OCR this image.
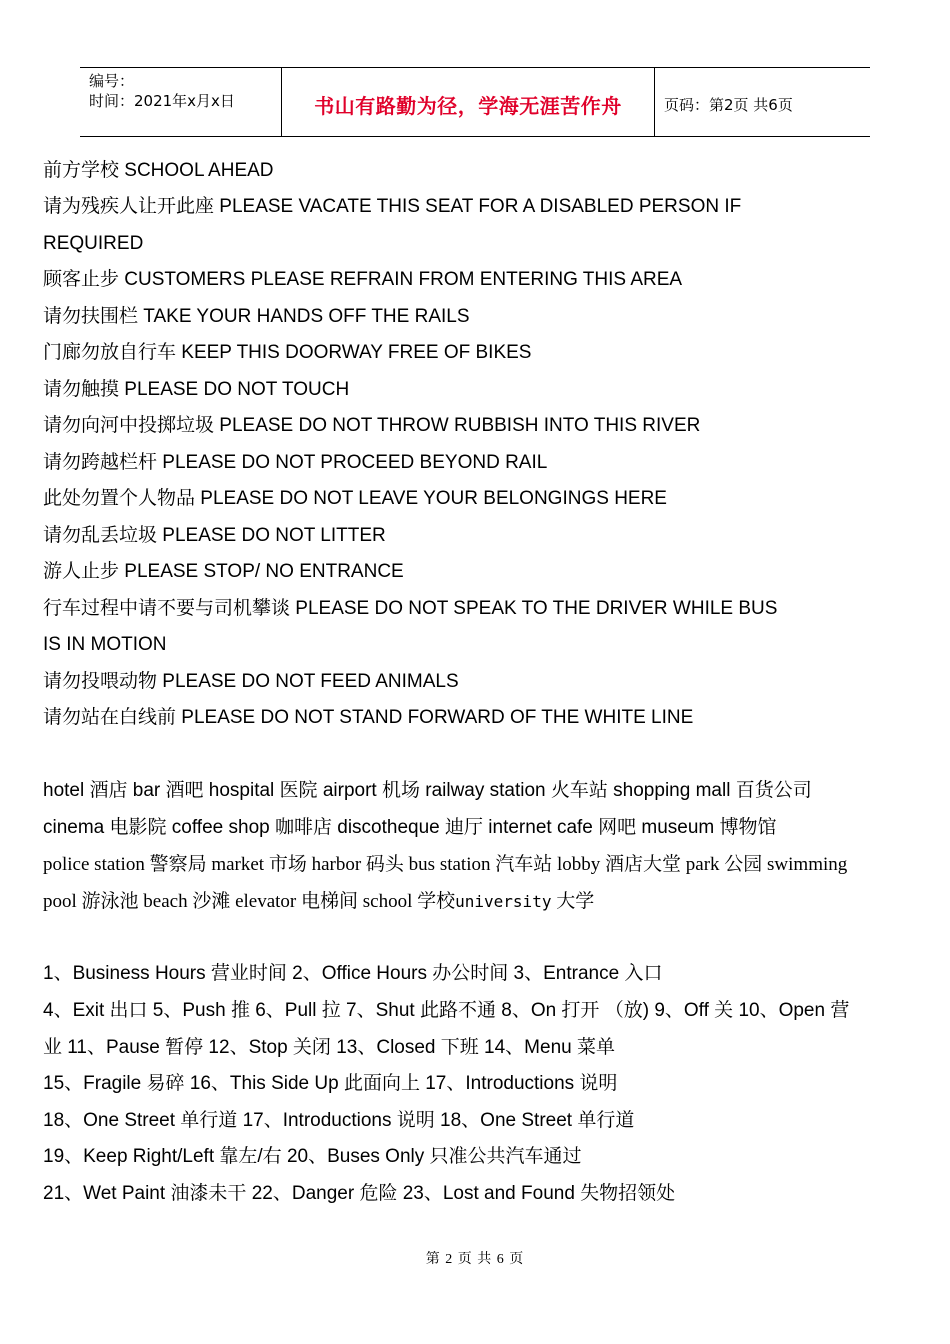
编号：
时间：2021年x月x日	书山有路勤为径，学海无涯苦作舟	页码：第2页 共6页
前方学校 SCHOOL AHEAD
请为残疾人让开此座 PLEASE VACATE THIS SEAT FOR A DISABLED PERSON IF
REQUIRED
顾客止步 CUSTOMERS PLEASE REFRAIN FROM ENTERING THIS AREA
请勿扶围栏 TAKE YOUR HANDS OFF THE RAILS
门廊勿放自行车 KEEP THIS DOORWAY FREE OF BIKES
请勿触摸 PLEASE DO NOT TOUCH
请勿向河中投掷垃圾 PLEASE DO NOT THROW RUBBISH INTO THIS RIVER
请勿跨越栏杆 PLEASE DO NOT PROCEED BEYOND RAIL
此处勿置个人物品 PLEASE DO NOT LEAVE YOUR BELONGINGS HERE
请勿乱丢垃圾 PLEASE DO NOT LITTER
游人止步 PLEASE STOP/ NO ENTRANCE
行车过程中请不要与司机攀谈 PLEASE DO NOT SPEAK TO THE DRIVER WHILE BUS
IS IN MOTION
请勿投喂动物 PLEASE DO NOT FEED ANIMALS
请勿站在白线前 PLEASE DO NOT STAND FORWARD OF THE WHITE LINE
hotel 酒店 bar 酒吧 hospital 医院 airport 机场 railway station 火车站 shopping mall 百货公司
cinema 电影院 coffee shop 咖啡店 discotheque 迪厅 internet cafe 网吧 museum 博物馆
police station 警察局 market 市场 harbor 码头 bus station 汽车站 lobby 酒店大堂 park 公园 swimming
pool 游泳池 beach 沙滩 elevator 电梯间 school 学校university 大学
1、Business Hours 营业时间 2、Office Hours 办公时间 3、Entrance 入口
4、Exit 出口 5、Push 推 6、Pull 拉 7、Shut 此路不通 8、On 打开 （放) 9、Off 关 10、Open 营
业 11、Pause 暂停 12、Stop 关闭 13、Closed 下班 14、Menu 菜单
15、Fragile 易碎 16、This Side Up 此面向上 17、Introductions 说明
18、One Street 单行道 17、Introductions 说明 18、One Street 单行道
19、Keep Right/Left 靠左/右 20、Buses Only 只准公共汽车通过
21、Wet Paint 油漆未干 22、Danger 危险 23、Lost and Found 失物招领处
第 2 页 共 6 页
